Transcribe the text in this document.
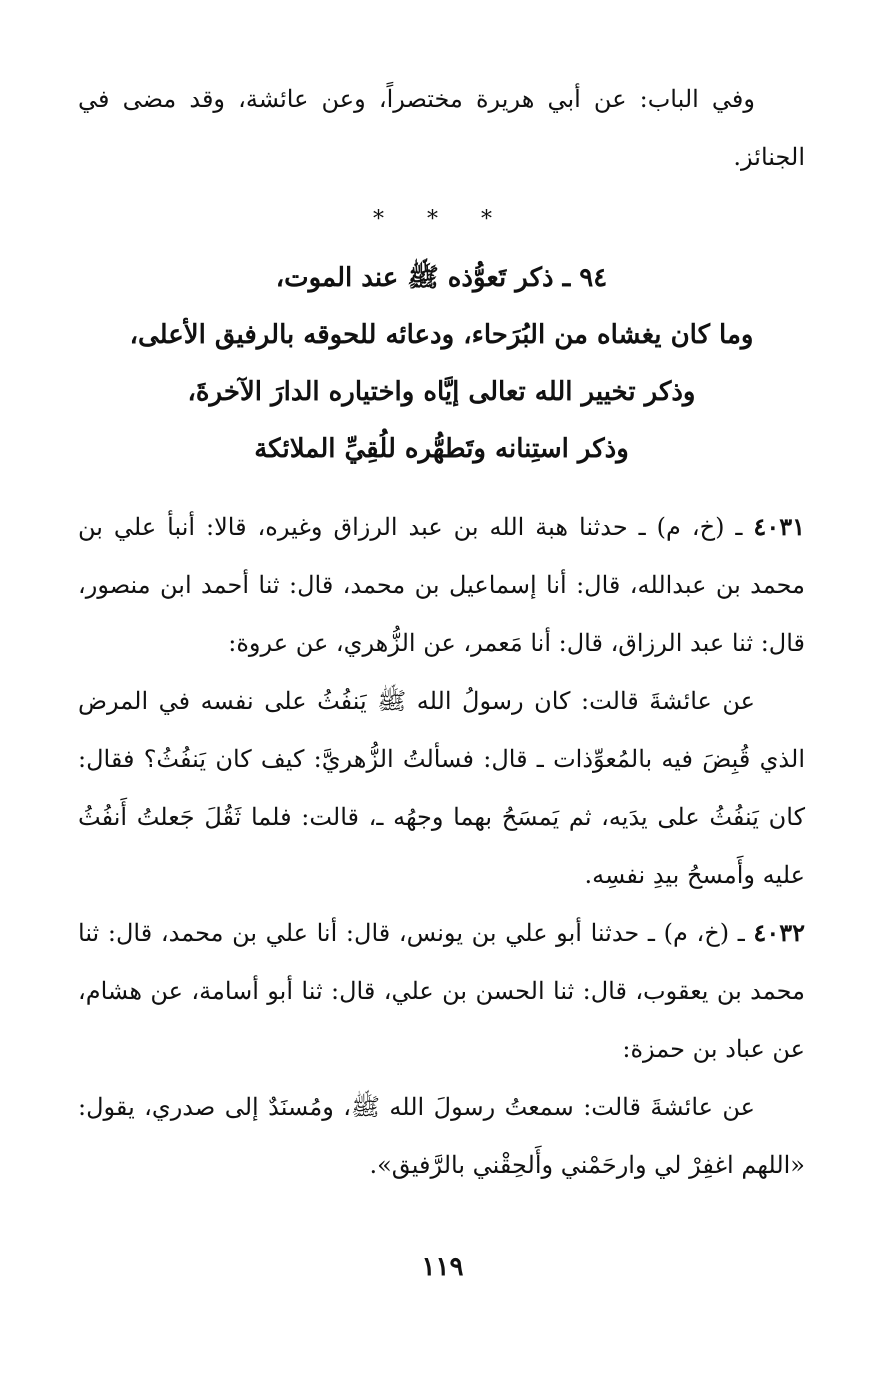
وفي الباب: عن أبي هريرة مختصراً، وعن عائشة، وقد مضى في الجنائز.

* * *
٩٤ ـ ذكر تَعوُّذه ﷺ عند الموت،
وما كان يغشاه من البُرَحاء، ودعائه للحوقه بالرفيق الأعلى،
وذكر تخيير الله تعالى إيَّاه واختياره الدارَ الآخرةَ،
وذكر استِنانه وتَطهُّره للُقِيِّ الملائكة

٤٠٣١ ـ (خ، م) ـ حدثنا هبة الله بن عبد الرزاق وغيره، قالا: أنبأ علي بن محمد بن عبدالله، قال: أنا إسماعيل بن محمد، قال: ثنا أحمد ابن منصور، قال: ثنا عبد الرزاق، قال: أنا مَعمر، عن الزُّهري، عن عروة:

عن عائشةَ قالت: كان رسولُ الله ﷺ يَنفُثُ على نفسه في المرض الذي قُبِضَ فيه بالمُعوِّذات ـ قال: فسألتُ الزُّهريَّ: كيف كان يَنفُثُ؟ فقال: كان يَنفُثُ على يدَيه، ثم يَمسَحُ بهما وجهُه ـ، قالت: فلما ثَقُلَ جَعلتُ أَنفُثُ عليه وأَمسحُ بيدِ نفسِه.

٤٠٣٢ ـ (خ، م) ـ حدثنا أبو علي بن يونس، قال: أنا علي بن محمد، قال: ثنا محمد بن يعقوب، قال: ثنا الحسن بن علي، قال: ثنا أبو أسامة، عن هشام، عن عباد بن حمزة:

عن عائشةَ قالت: سمعتُ رسولَ الله ﷺ، ومُسنَدٌ إلى صدري، يقول: «اللهم اغفِرْ لي وارحَمْني وأَلحِقْني بالرَّفيق».

١١٩
